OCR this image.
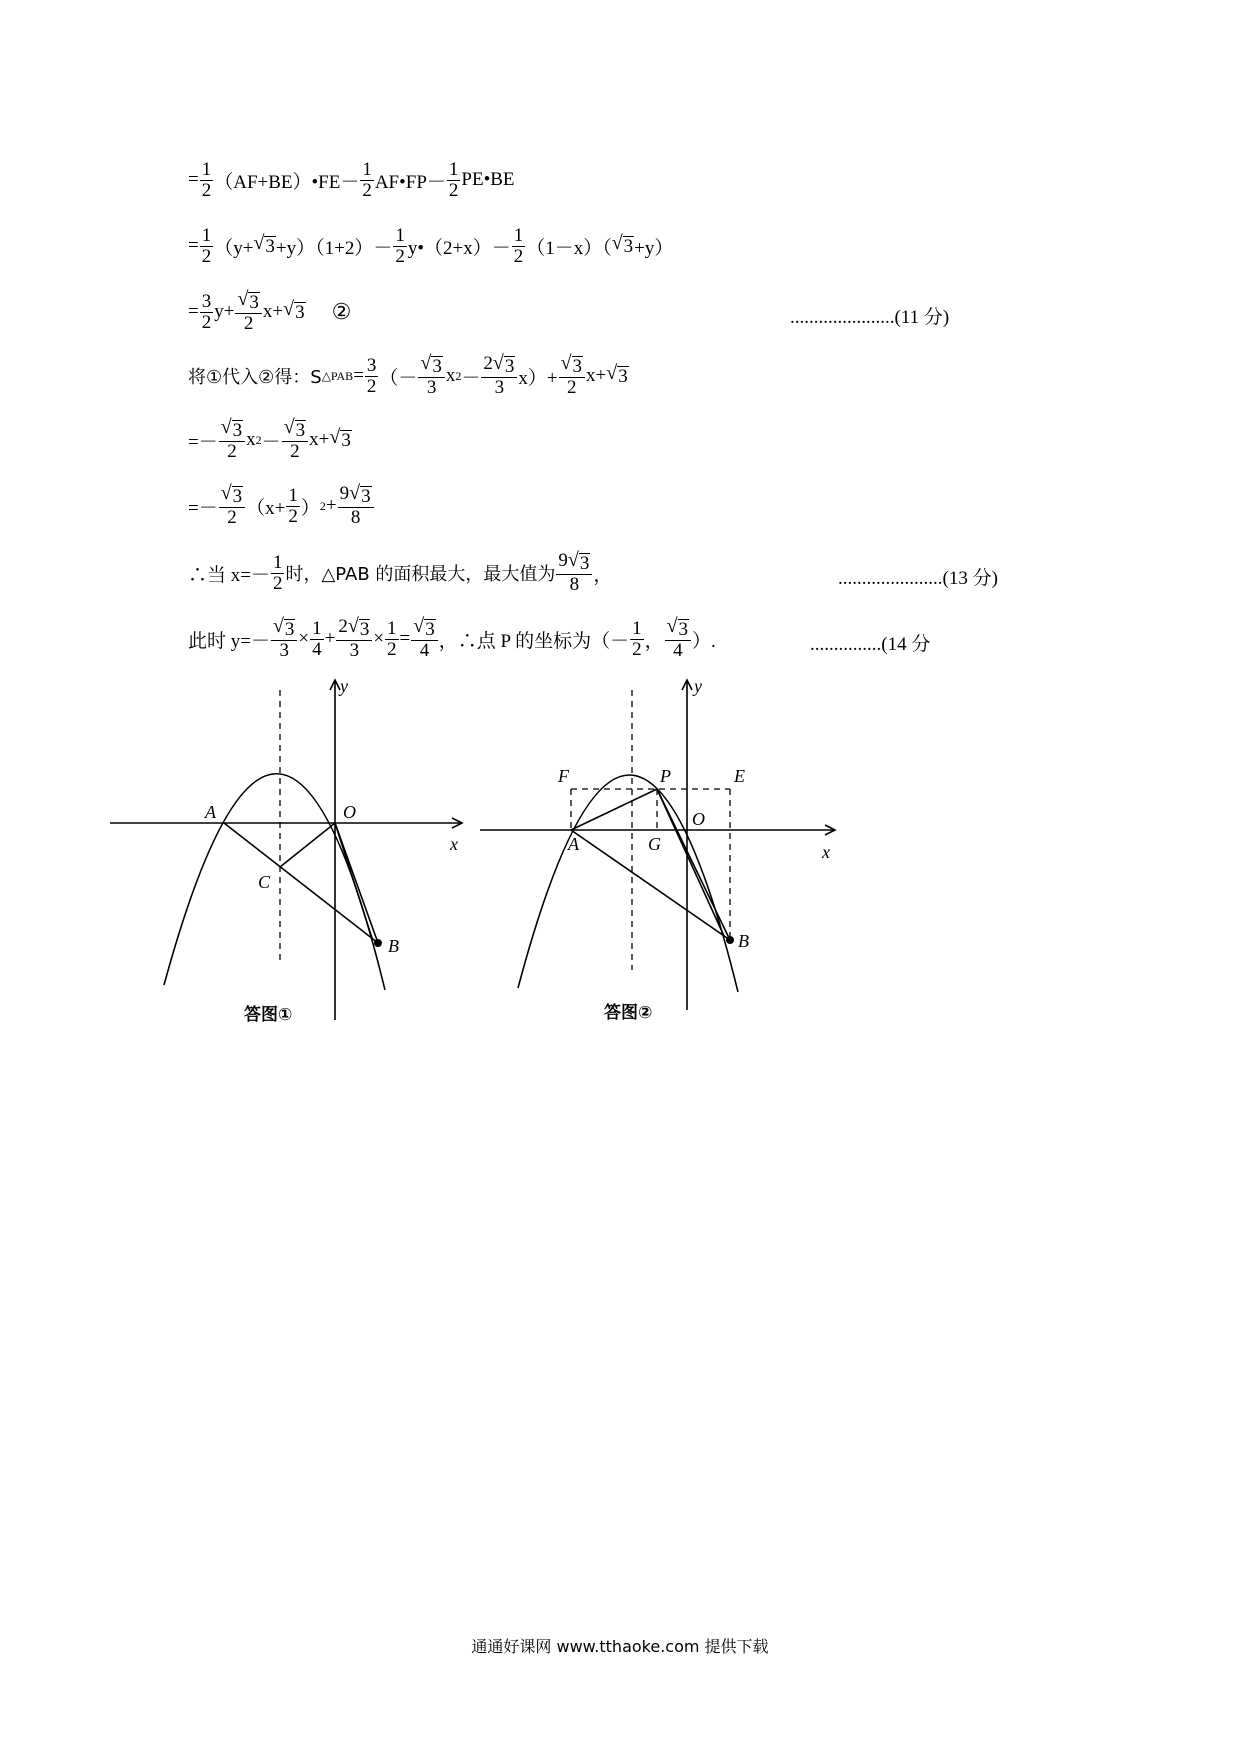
= $\frac{1}{2}$ （AF+BE）•FE－ $\frac{1}{2}$ AF•FP－ $\frac{1}{2}$ PE•BE
= $\frac{1}{2} (y+$ √ $3 +y)(1+2)- \frac{1}{2}$ y•（2+x）－ $\frac{1}{2} (1-x)$（ √ 3 +y）
= $\frac{3}{2} y+ \frac{√ 3}{2} x+$ √ 3 ②	......................(11 分)
将①代入②得：S △PAB = $\frac{3}{2}$ （－ $\frac{√ 3}{3}$ x $2 - \frac{2 √ 3}{3} x)+ \frac{√ 3}{2} x+$ √ 3
=－ $\frac{√ 3}{2}$ x $2 - \frac{√ 3}{2} x+$ √ 3
=－ $\frac{√ 3}{2} (x+ \frac{1}{2}$ ） $2 + \frac{9 √ 3}{8}$
∴当 $x=- \frac{1}{2}$ 时，△PAB 的面积最大，最大值为 $\frac{9 √ 3}{8}$ ，	......................(13 分)
此时 $y=- \frac{√ 3}{3} \times \frac{1}{4} + \frac{2 √ 3}{3} \times \frac{1}{2} = \frac{√ 3}{4}$ ，∴点 P 的坐标为（－ $\frac{1}{2}$ ， $\frac{√ 3}{4}$ ）.	...............(14 分
y
x
A	O
C
B
答图①
y
x
A
O
G
B
F	P	E
答图②
通通好课网 www.tthaoke.com 提供下载
